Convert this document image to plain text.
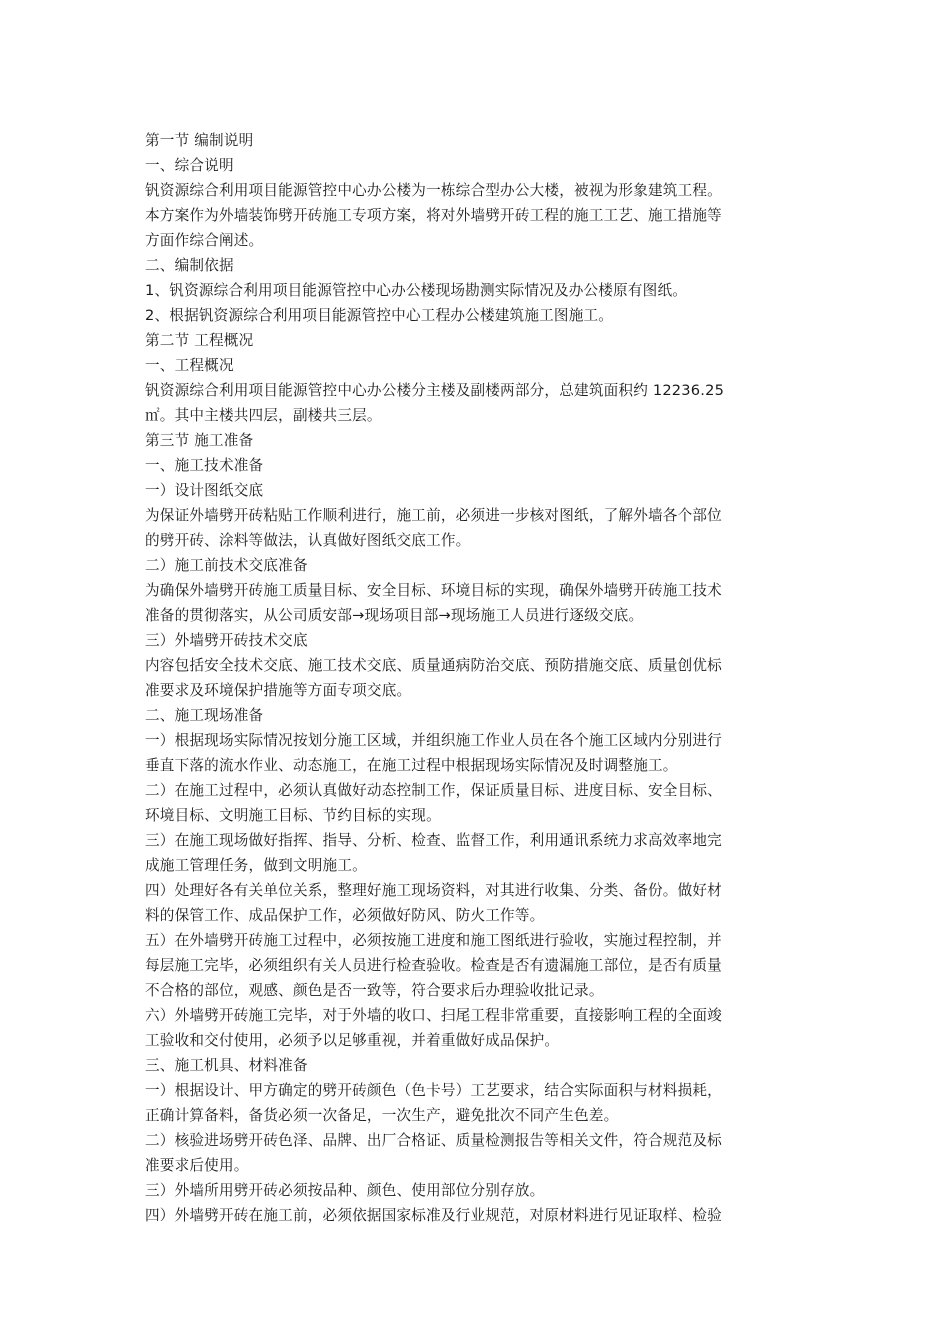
第一节 编制说明
一、综合说明
钒资源综合利用项目能源管控中心办公楼为一栋综合型办公大楼，被视为形象建筑工程。
本方案作为外墙装饰劈开砖施工专项方案，将对外墙劈开砖工程的施工工艺、施工措施等
方面作综合阐述。
二、编制依据
1、钒资源综合利用项目能源管控中心办公楼现场勘测实际情况及办公楼原有图纸。
2、根据钒资源综合利用项目能源管控中心工程办公楼建筑施工图施工。
第二节 工程概况
一、工程概况
钒资源综合利用项目能源管控中心办公楼分主楼及副楼两部分，总建筑面积约 12236.25
㎡。其中主楼共四层，副楼共三层。
第三节 施工准备
一、施工技术准备
一）设计图纸交底
为保证外墙劈开砖粘贴工作顺利进行，施工前，必须进一步核对图纸，了解外墙各个部位
的劈开砖、涂料等做法，认真做好图纸交底工作。
二）施工前技术交底准备
为确保外墙劈开砖施工质量目标、安全目标、环境目标的实现，确保外墙劈开砖施工技术
准备的贯彻落实，从公司质安部→现场项目部→现场施工人员进行逐级交底。
三）外墙劈开砖技术交底
内容包括安全技术交底、施工技术交底、质量通病防治交底、预防措施交底、质量创优标
准要求及环境保护措施等方面专项交底。
二、施工现场准备
一）根据现场实际情况按划分施工区域，并组织施工作业人员在各个施工区域内分别进行
垂直下落的流水作业、动态施工，在施工过程中根据现场实际情况及时调整施工。
二）在施工过程中，必须认真做好动态控制工作，保证质量目标、进度目标、安全目标、
环境目标、文明施工目标、节约目标的实现。
三）在施工现场做好指挥、指导、分析、检查、监督工作，利用通讯系统力求高效率地完
成施工管理任务，做到文明施工。
四）处理好各有关单位关系，整理好施工现场资料，对其进行收集、分类、备份。做好材
料的保管工作、成品保护工作，必须做好防风、防火工作等。
五）在外墙劈开砖施工过程中，必须按施工进度和施工图纸进行验收，实施过程控制，并
每层施工完毕，必须组织有关人员进行检查验收。检查是否有遗漏施工部位，是否有质量
不合格的部位，观感、颜色是否一致等，符合要求后办理验收批记录。
六）外墙劈开砖施工完毕，对于外墙的收口、扫尾工程非常重要，直接影响工程的全面竣
工验收和交付使用，必须予以足够重视，并着重做好成品保护。
三、施工机具、材料准备
一）根据设计、甲方确定的劈开砖颜色（色卡号）工艺要求，结合实际面积与材料损耗，
正确计算备料，备货必须一次备足，一次生产，避免批次不同产生色差。
二）核验进场劈开砖色泽、品牌、出厂合格证、质量检测报告等相关文件，符合规范及标
准要求后使用。
三）外墙所用劈开砖必须按品种、颜色、使用部位分别存放。
四）外墙劈开砖在施工前，必须依据国家标准及行业规范，对原材料进行见证取样、检验
